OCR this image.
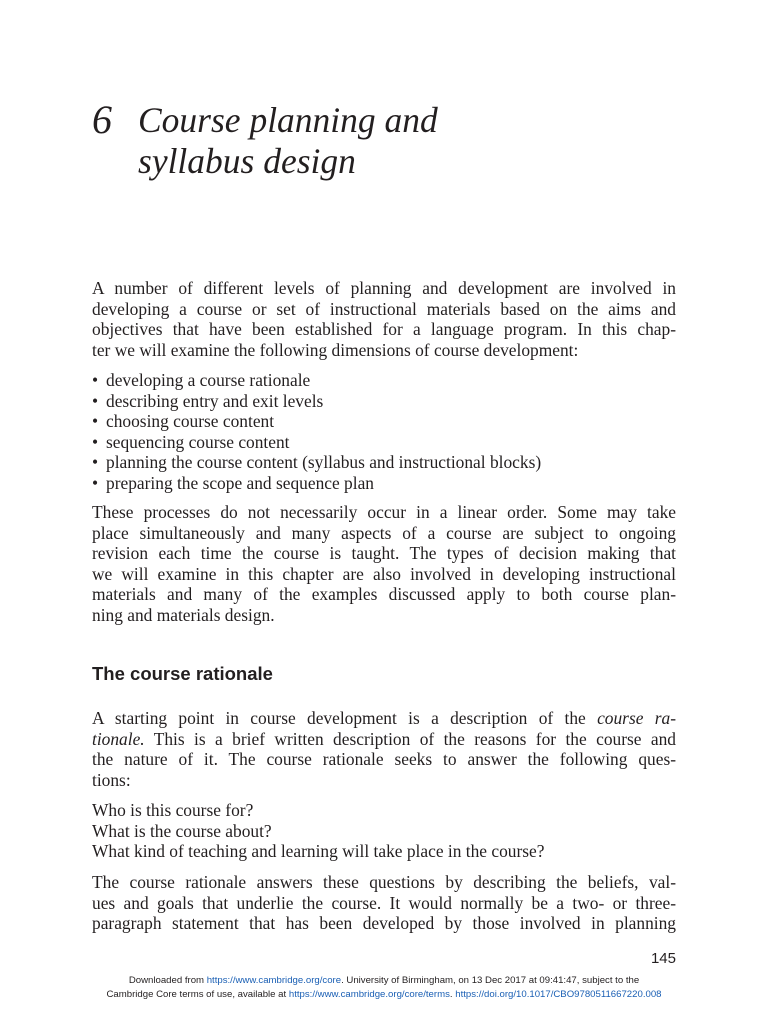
6 Course planning and
syllabus design

A number of different levels of planning and development are involved in
developing a course or set of instructional materials based on the aims and
objectives that have been established for a language program. In this chap-
ter we will examine the following dimensions of course development:

• developing a course rationale
• describing entry and exit levels
• choosing course content
• sequencing course content
• planning the course content (syllabus and instructional blocks)
• preparing the scope and sequence plan

These processes do not necessarily occur in a linear order. Some may take
place simultaneously and many aspects of a course are subject to ongoing
revision each time the course is taught. The types of decision making that
we will examine in this chapter are also involved in developing instructional
materials and many of the examples discussed apply to both course plan-
ning and materials design.

The course rationale

A starting point in course development is a description of the course ra-
tionale. This is a brief written description of the reasons for the course and
the nature of it. The course rationale seeks to answer the following ques-
tions:

Who is this course for?
What is the course about?
What kind of teaching and learning will take place in the course?

The course rationale answers these questions by describing the beliefs, val-
ues and goals that underlie the course. It would normally be a two- or three-
paragraph statement that has been developed by those involved in planning

145
Downloaded from https://www.cambridge.org/core. University of Birmingham, on 13 Dec 2017 at 09:41:47, subject to the
Cambridge Core terms of use, available at https://www.cambridge.org/core/terms. https://doi.org/10.1017/CBO9780511667220.008
